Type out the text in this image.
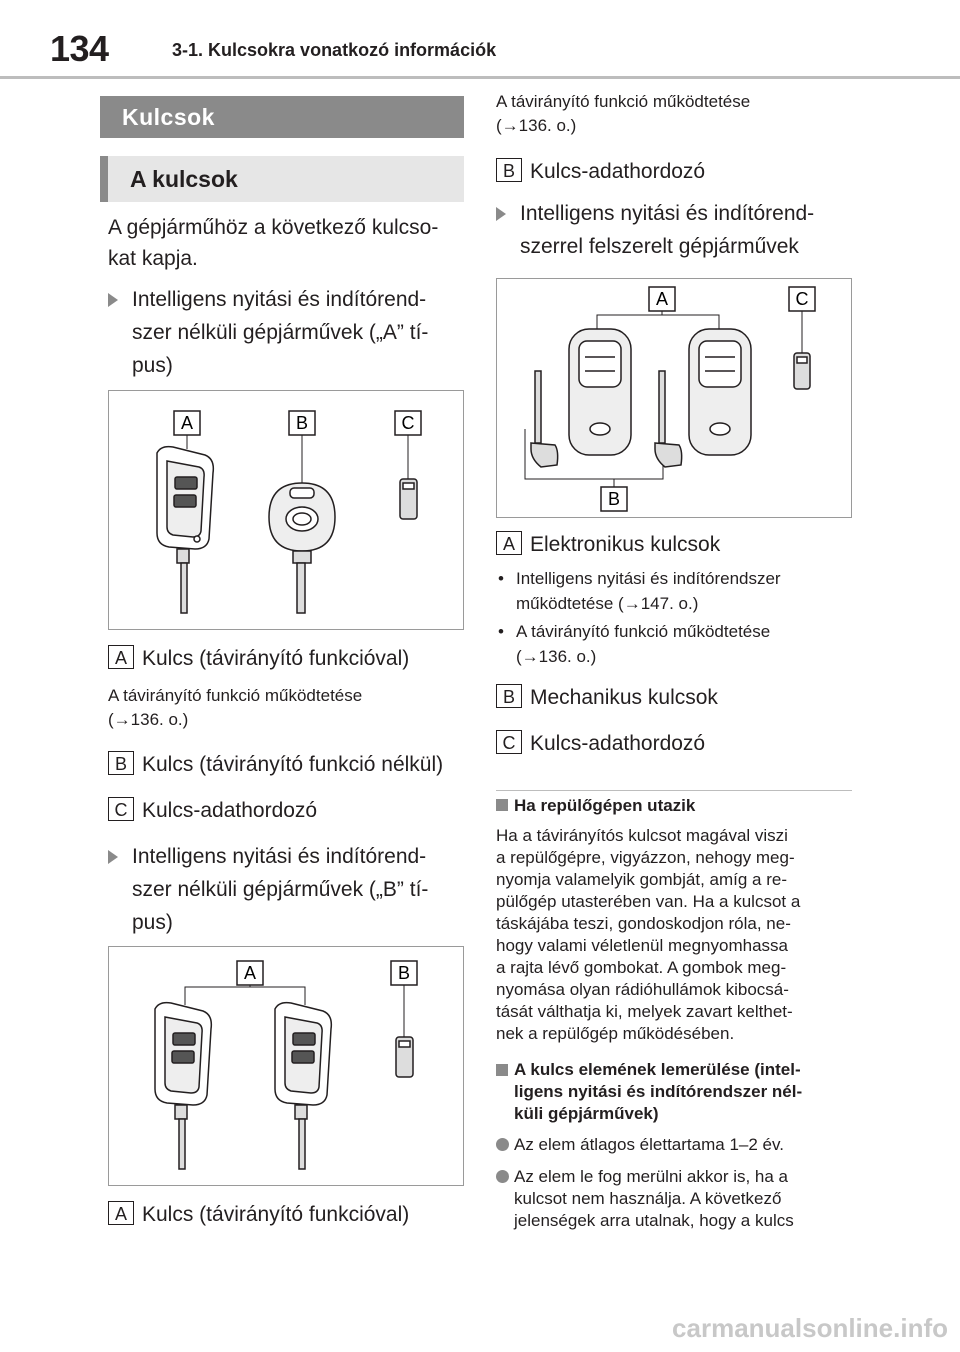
134	3-1. Kulcsokra vonatkozó információk
Kulcsok
A kulcsok
A gépjárműhöz a következő kulcso-
kat kapja.
Intelligens nyitási és indítórend-
szer nélküli gépjárművek („A” tí-
pus)
A	B	C
A Kulcs (távirányító funkcióval)
A távirányító funkció működtetése
(→136. o.)
B Kulcs (távirányító funkció nélkül)
C Kulcs-adathordozó
Intelligens nyitási és indítórend-
szer nélküli gépjárművek („B” tí-
pus)
A	B
A Kulcs (távirányító funkcióval)
A távirányító funkció működtetése
(→136. o.)
B Kulcs-adathordozó
Intelligens nyitási és indítórend-
szerrel felszerelt gépjárművek
A	C
B
A Elektronikus kulcsok
• Intelligens nyitási és indítórendszer
működtetése (→147. o.)
• A távirányító funkció működtetése
(→136. o.)
B Mechanikus kulcsok
C Kulcs-adathordozó
Ha repülőgépen utazik
Ha a távirányítós kulcsot magával viszi
a repülőgépre, vigyázzon, nehogy meg-
nyomja valamelyik gombját, amíg a re-
pülőgép utasterében van. Ha a kulcsot a
táskájába teszi, gondoskodjon róla, ne-
hogy valami véletlenül megnyomhassa
a rajta lévő gombokat. A gombok meg-
nyomása olyan rádióhullámok kibocsá-
tását válthatja ki, melyek zavart kelthet-
nek a repülőgép működésében.
A kulcs elemének lemerülése (intel-
ligens nyitási és indítórendszer nél-
küli gépjárművek)
Az elem átlagos élettartama 1–2 év.
Az elem le fog merülni akkor is, ha a
kulcsot nem használja. A következő
jelenségek arra utalnak, hogy a kulcs
carmanualsonline.info
